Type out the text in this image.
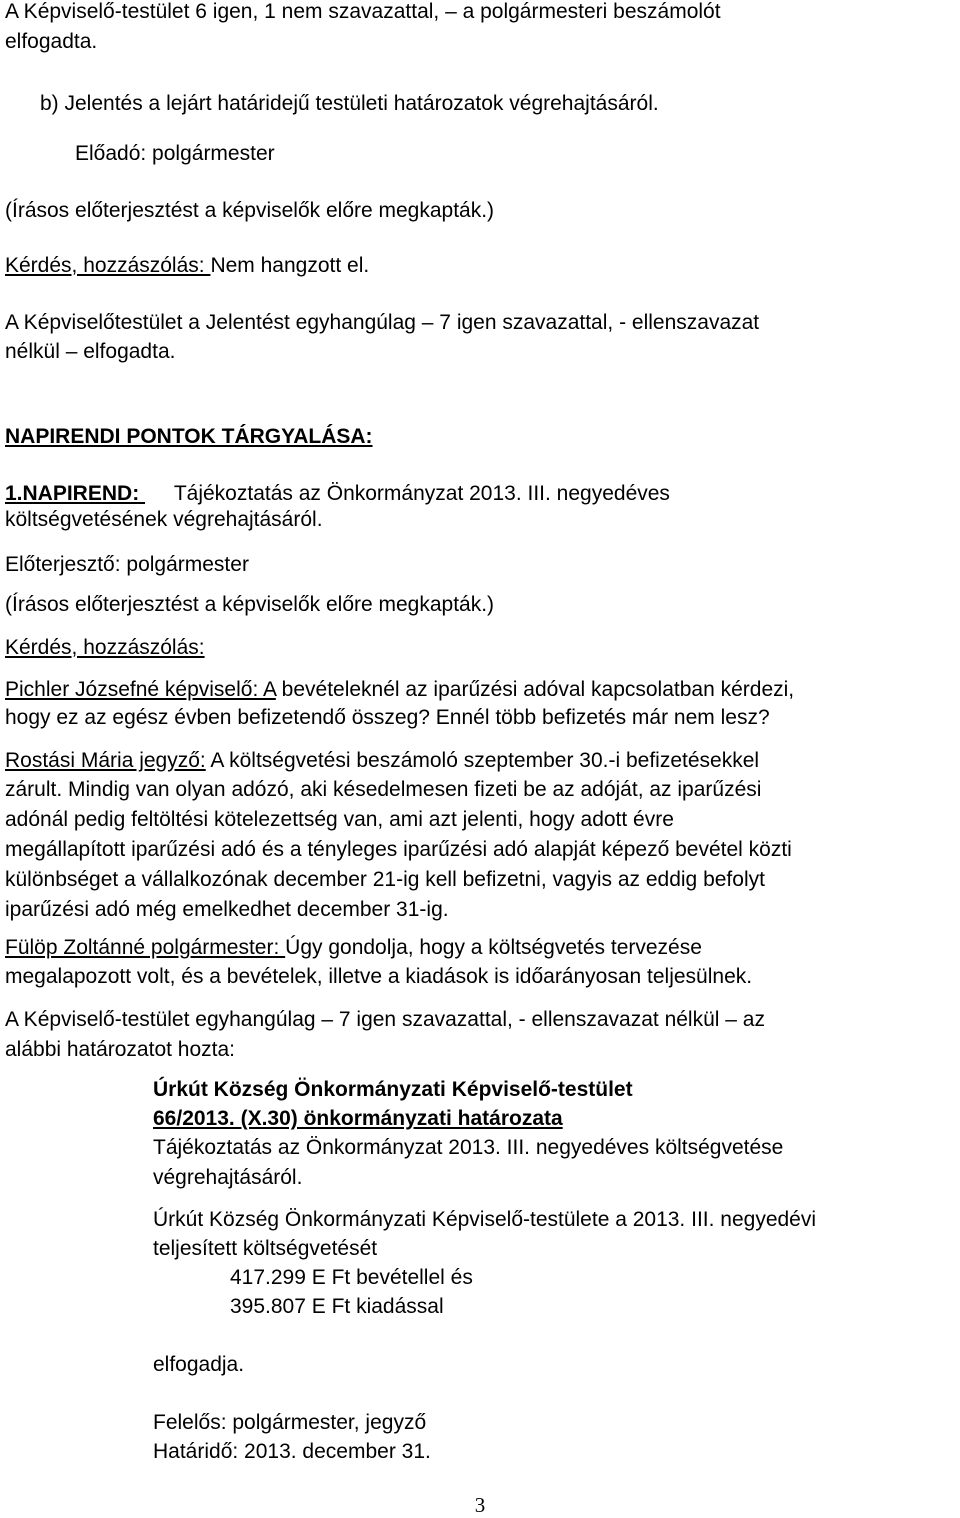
A Képviselő-testület 6 igen, 1 nem szavazattal, – a polgármesteri beszámolót
elfogadta.
b) Jelentés a lejárt határidejű testületi határozatok végrehajtásáról.
Előadó: polgármester
(Írásos előterjesztést a képviselők előre megkapták.)
Kérdés, hozzászólás: Nem hangzott el.
A Képviselőtestület a Jelentést egyhangúlag – 7 igen szavazattal, - ellenszavazat
nélkül – elfogadta.
NAPIRENDI PONTOK TÁRGYALÁSA:
1.NAPIREND:      Tájékoztatás az Önkormányzat 2013. III. negyedéves
költségvetésének végrehajtásáról.
Előterjesztő: polgármester
(Írásos előterjesztést a képviselők előre megkapták.)
Kérdés, hozzászólás:
Pichler Józsefné képviselő: A bevételeknél az iparűzési adóval kapcsolatban kérdezi,
hogy ez az egész évben befizetendő összeg? Ennél több befizetés már nem lesz?
Rostási Mária jegyző: A költségvetési beszámoló szeptember 30.-i befizetésekkel
zárult. Mindig van olyan adózó, aki késedelmesen fizeti be az adóját, az iparűzési
adónál pedig feltöltési kötelezettség van, ami azt jelenti, hogy adott évre
megállapított iparűzési adó és a tényleges iparűzési adó alapját képező bevétel közti
különbséget a vállalkozónak december 21-ig kell befizetni, vagyis az eddig befolyt
iparűzési adó még emelkedhet december 31-ig.
Fülöp Zoltánné polgármester: Úgy gondolja, hogy a költségvetés tervezése
megalapozott volt, és a bevételek, illetve a kiadások is időarányosan teljesülnek.
A Képviselő-testület egyhangúlag – 7 igen szavazattal, - ellenszavazat nélkül – az
alábbi határozatot hozta:
Úrkút Község Önkormányzati Képviselő-testület
66/2013. (X.30) önkormányzati határozata
Tájékoztatás az Önkormányzat 2013. III. negyedéves költségvetése
végrehajtásáról.
Úrkút Község Önkormányzati Képviselő-testülete a 2013. III. negyedévi
teljesített költségvetését
417.299 E Ft bevétellel és
395.807 E Ft kiadással
elfogadja.
Felelős: polgármester, jegyző
Határidő: 2013. december 31.
3
